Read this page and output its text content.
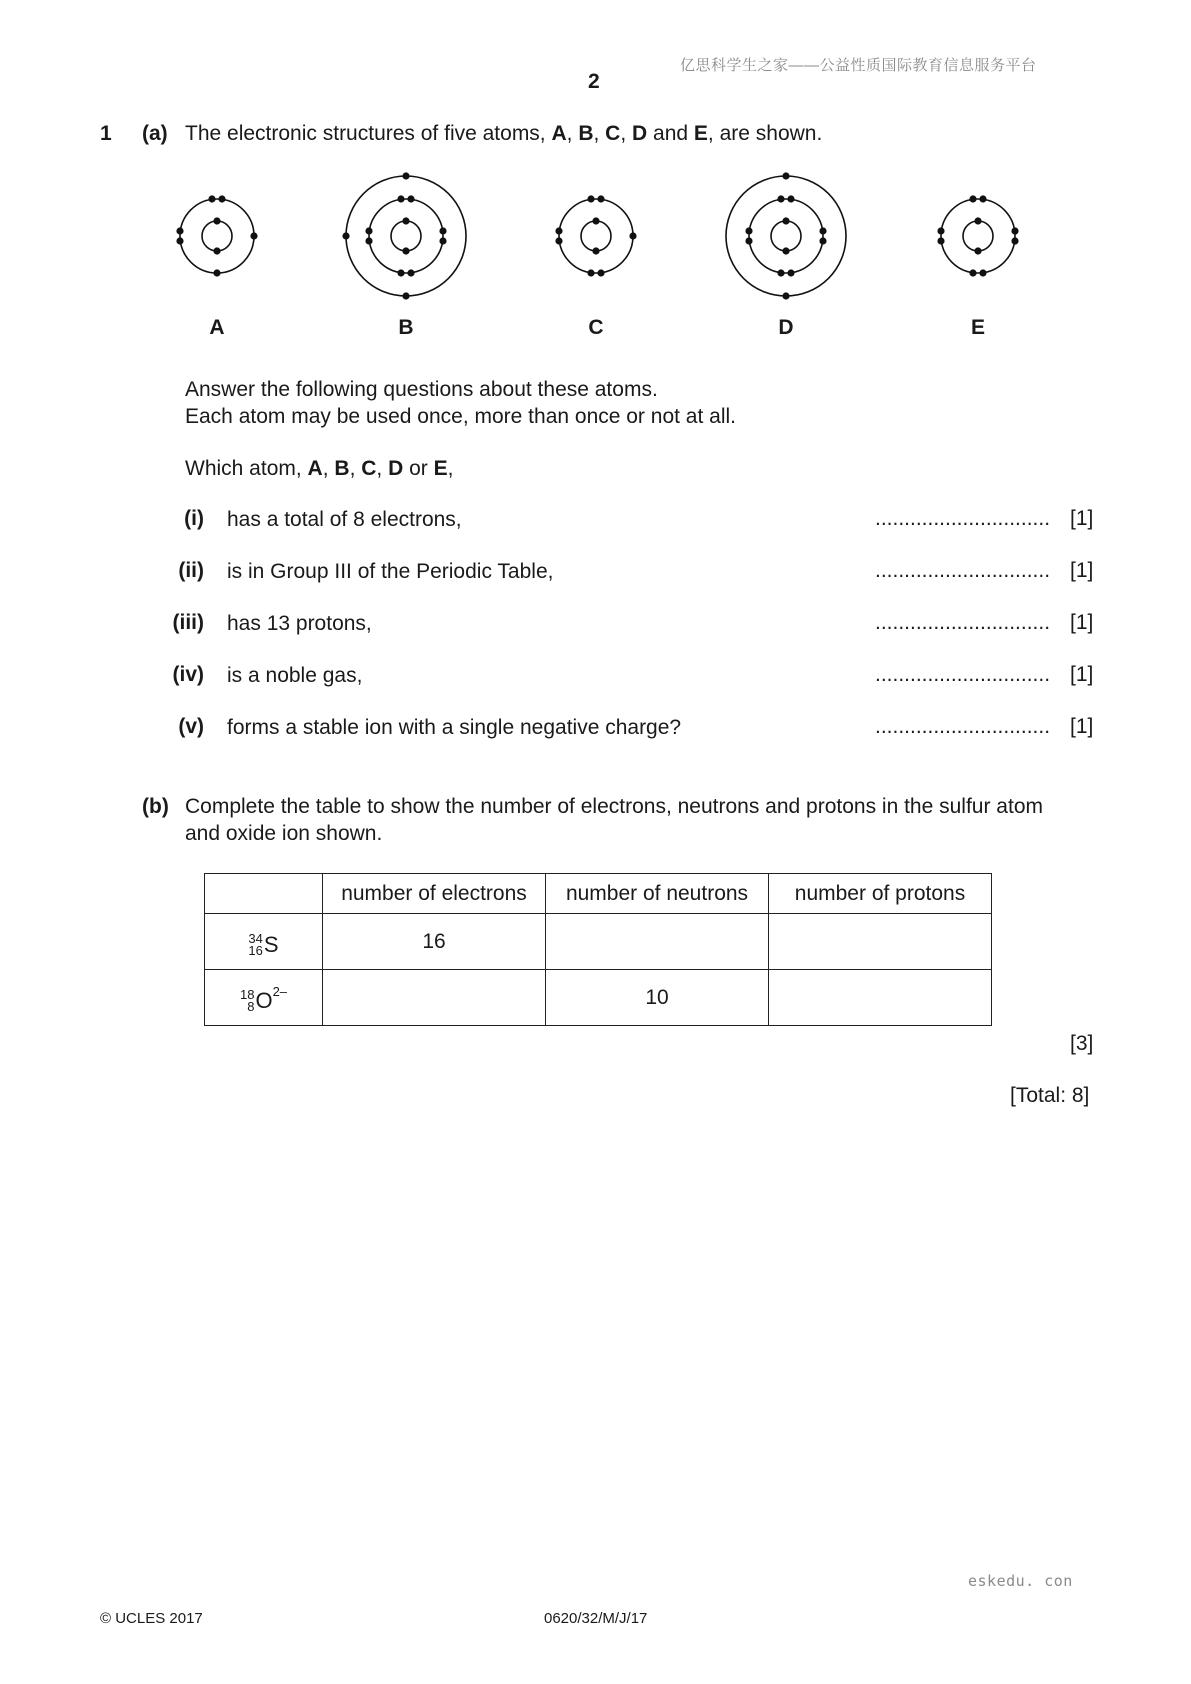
亿思科学生之家——公益性质国际教育信息服务平台
2
1 (a) The electronic structures of five atoms, A, B, C, D and E, are shown.
A	B	C	D	E
Answer the following questions about these atoms.
Each atom may be used once, more than once or not at all.
Which atom, A, B, C, D or E,
(i) has a total of 8 electrons,	.............................. [1]
(ii) is in Group III of the Periodic Table,	.............................. [1]
(iii) has 13 protons,	.............................. [1]
(iv) is a noble gas,	.............................. [1]
(v) forms a stable ion with a single negative charge?	.............................. [1]
(b) Complete the table to show the number of electrons, neutrons and protons in the sulfur atom
and oxide ion shown.
	number of electrons	number of neutrons	number of protons

34
16 S	16		

18
8 O 2–		10	
[3]
[Total: 8]
eskedu. con
© UCLES 2017	0620/32/M/J/17
